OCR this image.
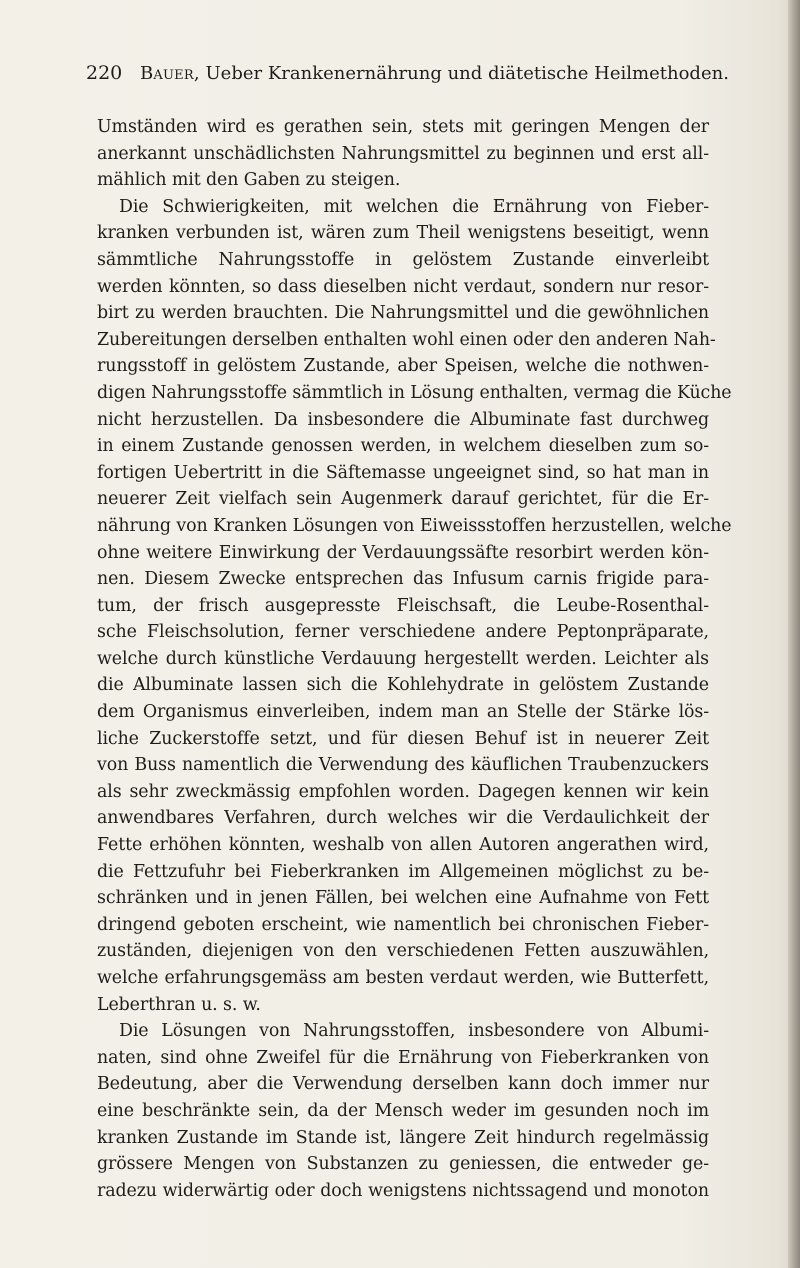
220 Bauer, Ueber Krankenernährung und diätetische Heilmethoden.
Umständen wird es gerathen sein, stets mit geringen Mengen der
anerkannt unschädlichsten Nahrungsmittel zu beginnen und erst all-
mählich mit den Gaben zu steigen.
Die Schwierigkeiten, mit welchen die Ernährung von Fieber-
kranken verbunden ist, wären zum Theil wenigstens beseitigt, wenn
sämmtliche Nahrungsstoffe in gelöstem Zustande einverleibt
werden könnten, so dass dieselben nicht verdaut, sondern nur resor-
birt zu werden brauchten. Die Nahrungsmittel und die gewöhnlichen
Zubereitungen derselben enthalten wohl einen oder den anderen Nah-
rungsstoff in gelöstem Zustande, aber Speisen, welche die nothwen-
digen Nahrungsstoffe sämmtlich in Lösung enthalten, vermag die Küche
nicht herzustellen. Da insbesondere die Albuminate fast durchweg
in einem Zustande genossen werden, in welchem dieselben zum so-
fortigen Uebertritt in die Säftemasse ungeeignet sind, so hat man in
neuerer Zeit vielfach sein Augenmerk darauf gerichtet, für die Er-
nährung von Kranken Lösungen von Eiweissstoffen herzustellen, welche
ohne weitere Einwirkung der Verdauungssäfte resorbirt werden kön-
nen. Diesem Zwecke entsprechen das Infusum carnis frigide para-
tum, der frisch ausgepresste Fleischsaft, die Leube-Rosenthal-
sche Fleischsolution, ferner verschiedene andere Peptonpräparate,
welche durch künstliche Verdauung hergestellt werden. Leichter als
die Albuminate lassen sich die Kohlehydrate in gelöstem Zustande
dem Organismus einverleiben, indem man an Stelle der Stärke lös-
liche Zuckerstoffe setzt, und für diesen Behuf ist in neuerer Zeit
von Buss namentlich die Verwendung des käuflichen Traubenzuckers
als sehr zweckmässig empfohlen worden. Dagegen kennen wir kein
anwendbares Verfahren, durch welches wir die Verdaulichkeit der
Fette erhöhen könnten, weshalb von allen Autoren angerathen wird,
die Fettzufuhr bei Fieberkranken im Allgemeinen möglichst zu be-
schränken und in jenen Fällen, bei welchen eine Aufnahme von Fett
dringend geboten erscheint, wie namentlich bei chronischen Fieber-
zuständen, diejenigen von den verschiedenen Fetten auszuwählen,
welche erfahrungsgemäss am besten verdaut werden, wie Butterfett,
Leberthran u. s. w.
Die Lösungen von Nahrungsstoffen, insbesondere von Albumi-
naten, sind ohne Zweifel für die Ernährung von Fieberkranken von
Bedeutung, aber die Verwendung derselben kann doch immer nur
eine beschränkte sein, da der Mensch weder im gesunden noch im
kranken Zustande im Stande ist, längere Zeit hindurch regelmässig
grössere Mengen von Substanzen zu geniessen, die entweder ge-
radezu widerwärtig oder doch wenigstens nichtssagend und monoton
